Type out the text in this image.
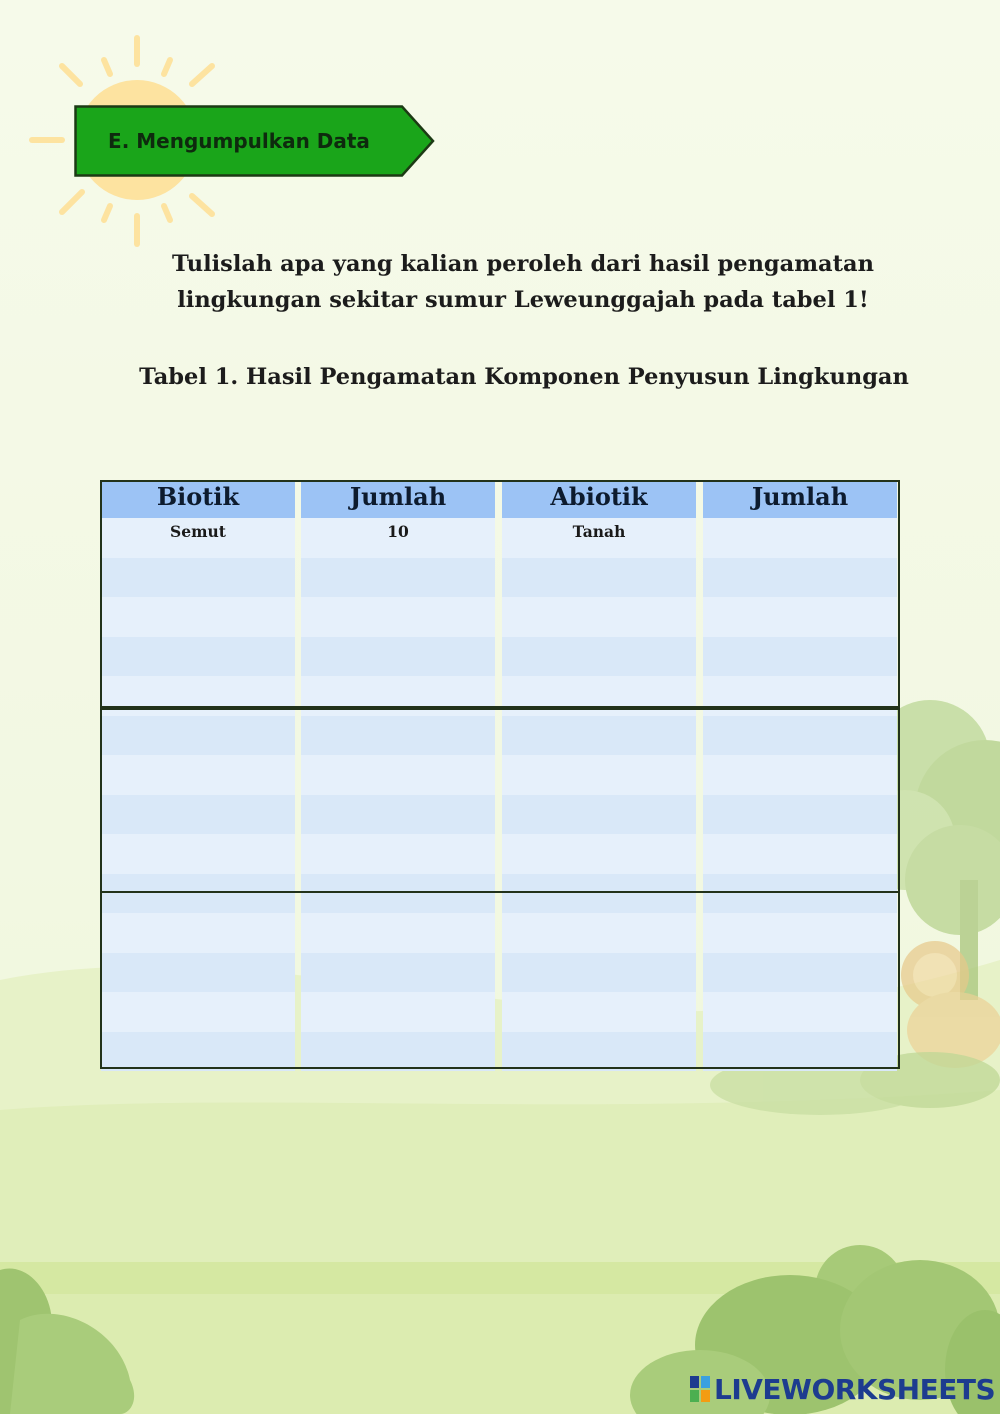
E. Mengumpulkan Data
Tulislah apa yang kalian peroleh dari hasil pengamatan
lingkungan sekitar sumur Leweunggajah pada tabel 1!
Tabel 1. Hasil Pengamatan Komponen Penyusun Lingkungan
Biotik
Semut
Jumlah
10
Abiotik
Tanah
Jumlah
LIVEWORKSHEETS
